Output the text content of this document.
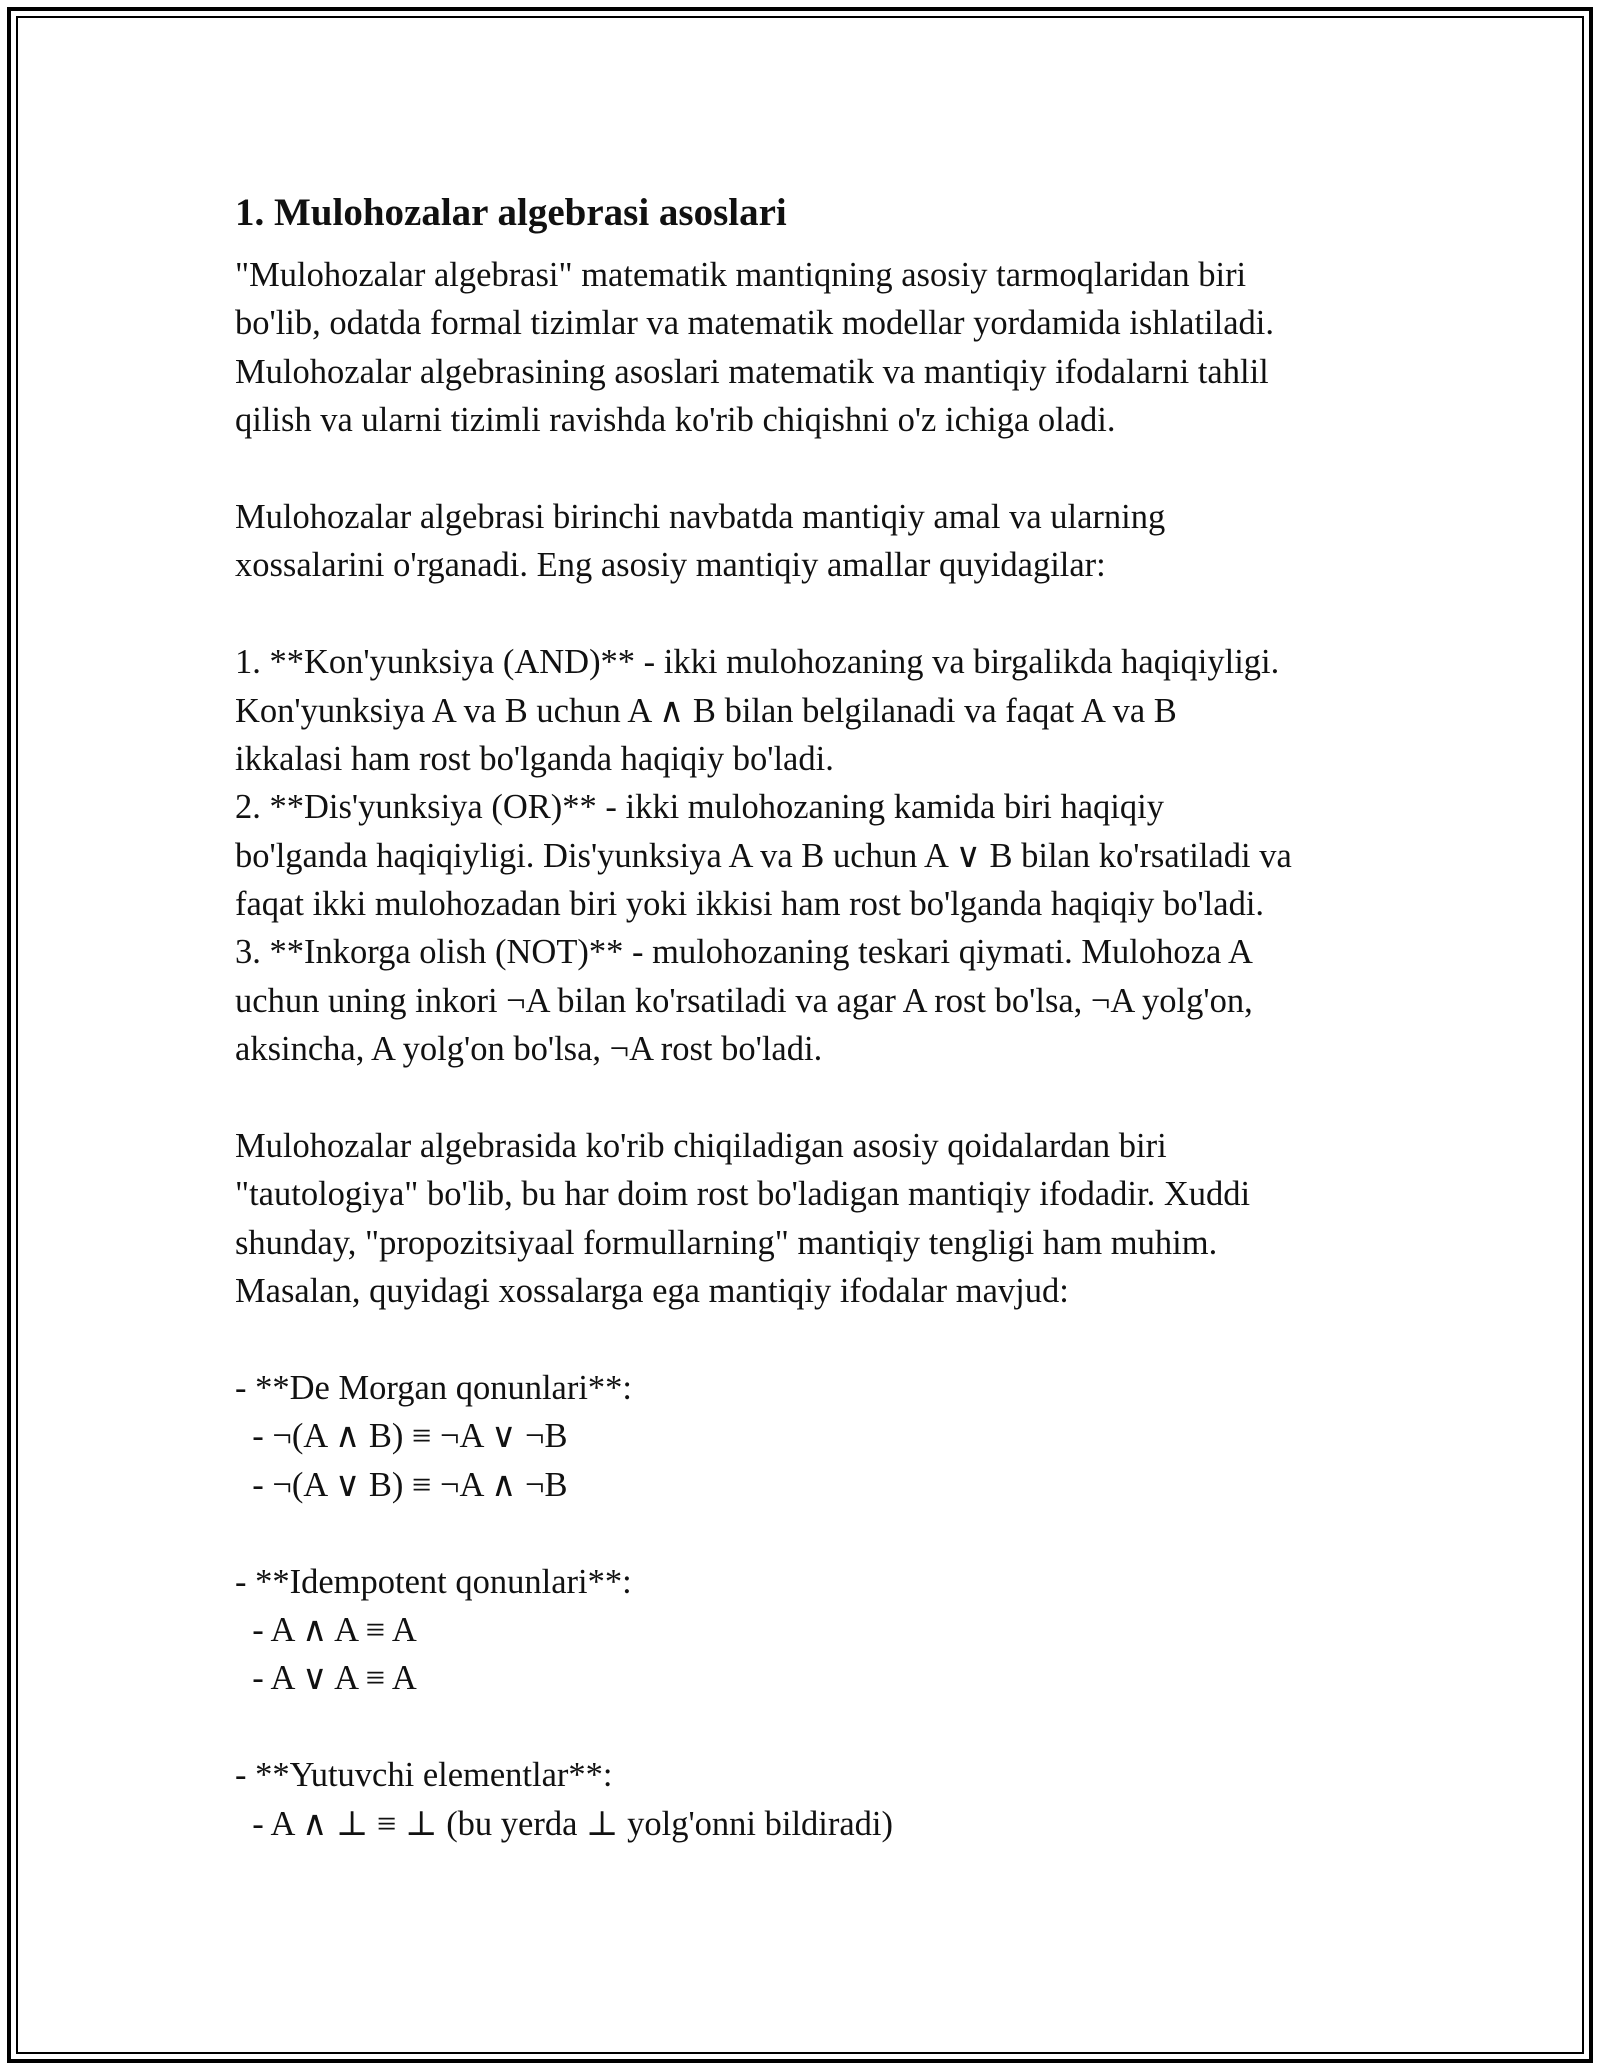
1. Mulohozalar algebrasi asoslari
"Mulohozalar algebrasi" matematik mantiqning asosiy tarmoqlaridan biri
bo'lib, odatda formal tizimlar va matematik modellar yordamida ishlatiladi.
Mulohozalar algebrasining asoslari matematik va mantiqiy ifodalarni tahlil
qilish va ularni tizimli ravishda ko'rib chiqishni o'z ichiga oladi.
Mulohozalar algebrasi birinchi navbatda mantiqiy amal va ularning
xossalarini o'rganadi. Eng asosiy mantiqiy amallar quyidagilar:
1. **Kon'yunksiya (AND)** - ikki mulohozaning va birgalikda haqiqiyligi.
Kon'yunksiya A va B uchun A ∧ B bilan belgilanadi va faqat A va B
ikkalasi ham rost bo'lganda haqiqiy bo'ladi.
2. **Dis'yunksiya (OR)** - ikki mulohozaning kamida biri haqiqiy
bo'lganda haqiqiyligi. Dis'yunksiya A va B uchun A ∨ B bilan ko'rsatiladi va
faqat ikki mulohozadan biri yoki ikkisi ham rost bo'lganda haqiqiy bo'ladi.
3. **Inkorga olish (NOT)** - mulohozaning teskari qiymati. Mulohoza A
uchun uning inkori ¬A bilan ko'rsatiladi va agar A rost bo'lsa, ¬A yolg'on,
aksincha, A yolg'on bo'lsa, ¬A rost bo'ladi.
Mulohozalar algebrasida ko'rib chiqiladigan asosiy qoidalardan biri
"tautologiya" bo'lib, bu har doim rost bo'ladigan mantiqiy ifodadir. Xuddi
shunday, "propozitsiyaal formullarning" mantiqiy tengligi ham muhim.
Masalan, quyidagi xossalarga ega mantiqiy ifodalar mavjud:
- **De Morgan qonunlari**:
- ¬(A ∧ B) ≡ ¬A ∨ ¬B
- ¬(A ∨ B) ≡ ¬A ∧ ¬B
- **Idempotent qonunlari**:
- A ∧ A ≡ A
- A ∨ A ≡ A
- **Yutuvchi elementlar**:
- A ∧ ⊥ ≡ ⊥ (bu yerda ⊥ yolg'onni bildiradi)
